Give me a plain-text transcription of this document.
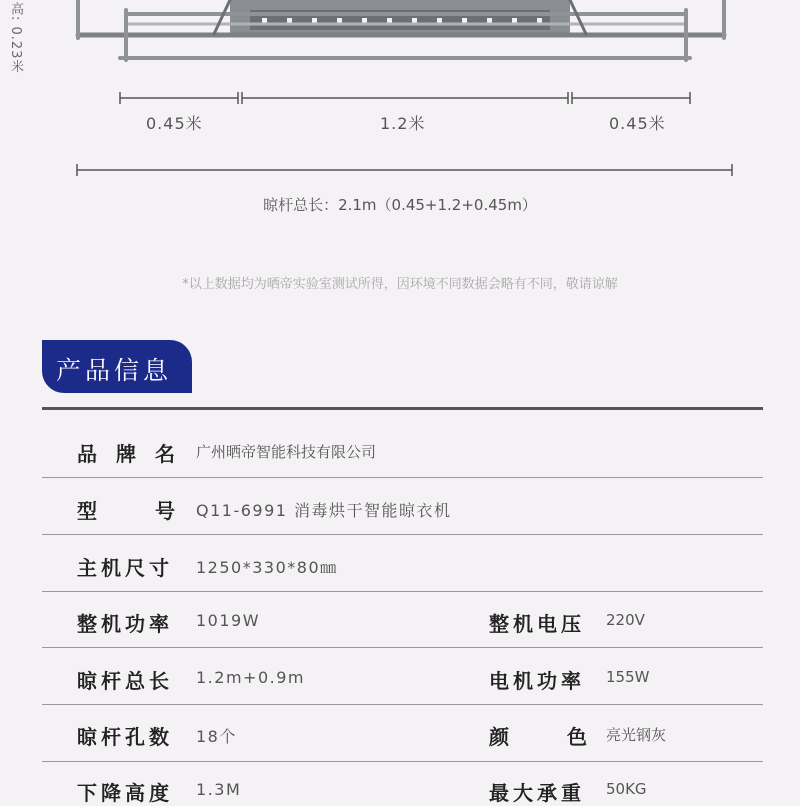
高: 0.23米
0.45米	1.2米	0.45米
晾杆总长：2.1m（0.45+1.2+0.45m）
*以上数据均为晒帝实验室测试所得，因环境不同数据会略有不同，敬请谅解
产品信息
品 牌 名 广州晒帝智能科技有限公司
型	号 Q11-6991 消毒烘干智能晾衣机
主机尺寸 1250*330*80㎜
整机功率 1019W	整机电压 220V
晾杆总长 1.2m+0.9m	电机功率 155W
晾杆孔数 18个	颜	色 亮光钢灰
下降高度 1.3M	最大承重 50KG
